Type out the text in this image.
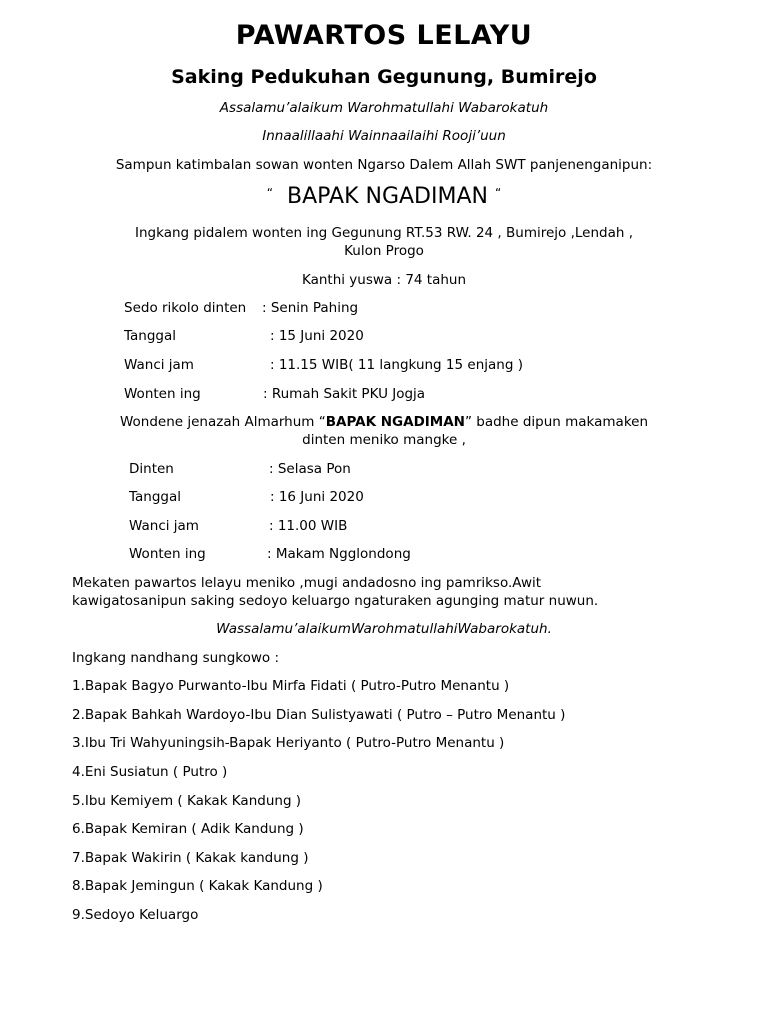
PAWARTOS LELAYU
Saking Pedukuhan Gegunung, Bumirejo
Assalamu’alaikum Warohmatullahi Wabarokatuh
Innaalillaahi Wainnaailaihi Rooji’uun
Sampun katimbalan sowan wonten Ngarso Dalem Allah SWT panjenenganipun:
“ BAPAK NGADIMAN “
Ingkang pidalem wonten ing Gegunung RT.53 RW. 24 , Bumirejo ,Lendah ,
Kulon Progo
Kanthi yuswa : 74 tahun
Sedo rikolo dinten : Senin Pahing
Tanggal	: 15 Juni 2020
Wanci jam	: 11.15 WIB( 11 langkung 15 enjang )
Wonten ing	: Rumah Sakit PKU Jogja
Wondene jenazah Almarhum “BAPAK NGADIMAN” badhe dipun makamaken
dinten meniko mangke ,
Dinten	: Selasa Pon
Tanggal	: 16 Juni 2020
Wanci jam	: 11.00 WIB
Wonten ing	: Makam Ngglondong
Mekaten pawartos lelayu meniko ,mugi andadosno ing pamrikso.Awit
kawigatosanipun saking sedoyo keluargo ngaturaken agunging matur nuwun.
Wassalamu’alaikumWarohmatullahiWabarokatuh.
Ingkang nandhang sungkowo :
1.Bapak Bagyo Purwanto-Ibu Mirfa Fidati ( Putro-Putro Menantu )
2.Bapak Bahkah Wardoyo-Ibu Dian Sulistyawati ( Putro – Putro Menantu )
3.Ibu Tri Wahyuningsih-Bapak Heriyanto ( Putro-Putro Menantu )
4.Eni Susiatun ( Putro )
5.Ibu Kemiyem ( Kakak Kandung )
6.Bapak Kemiran ( Adik Kandung )
7.Bapak Wakirin ( Kakak kandung )
8.Bapak Jemingun ( Kakak Kandung )
9.Sedoyo Keluargo
